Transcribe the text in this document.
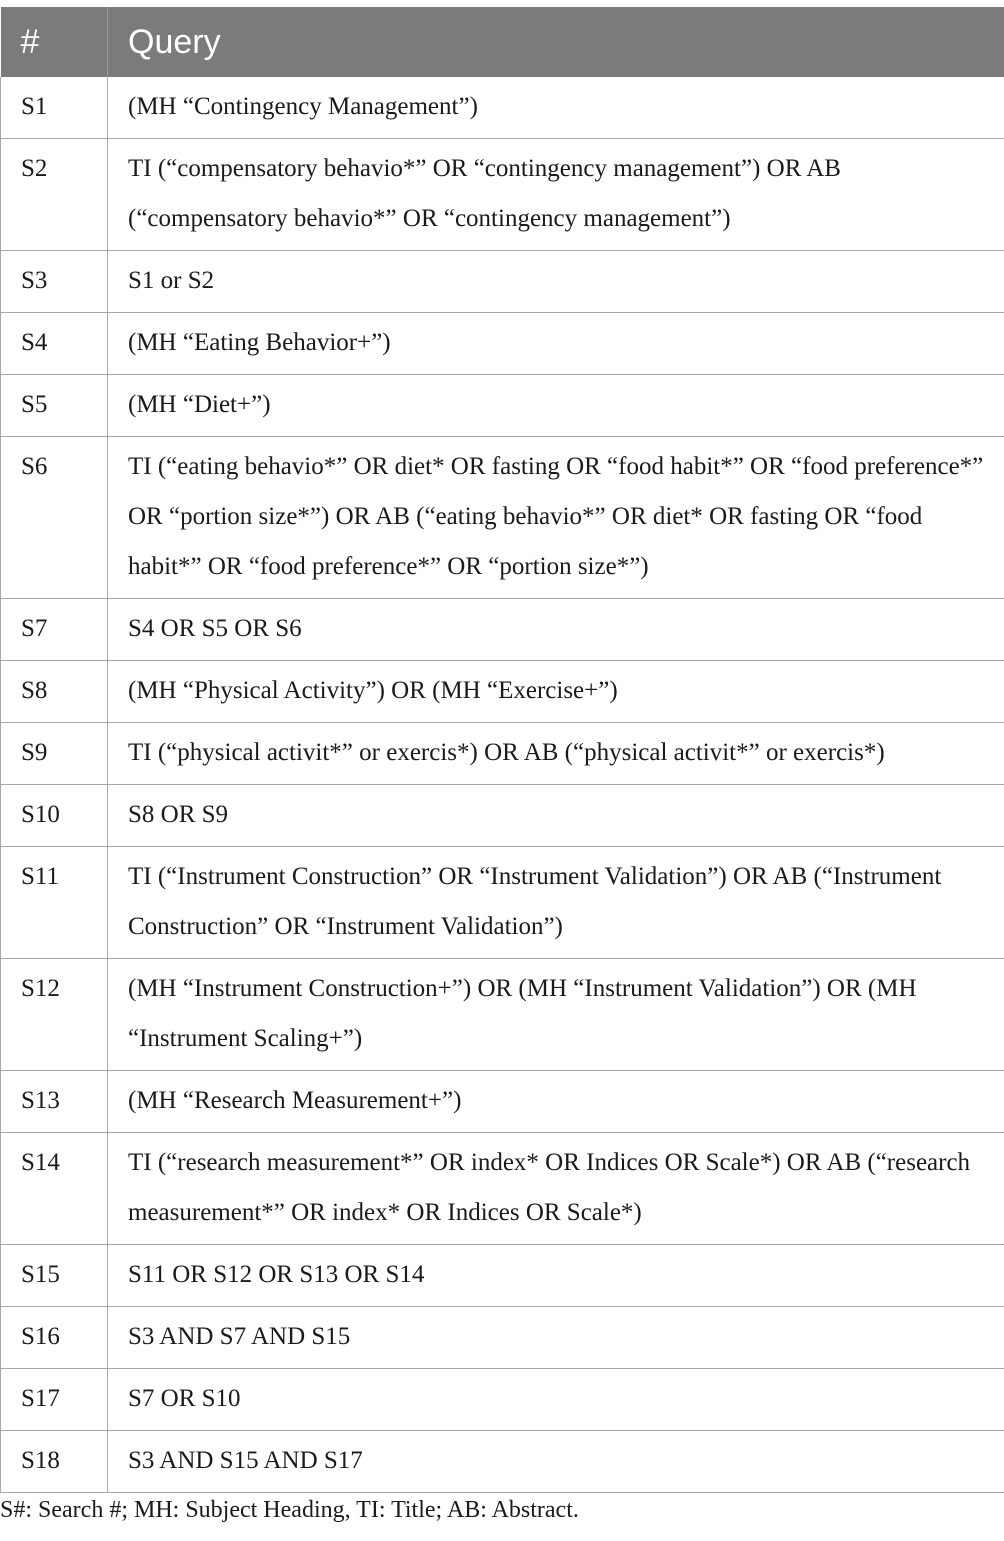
#	Query
S1	(MH “Contingency Management”)
S2	TI (“compensatory behavio*” OR “contingency management”) OR AB (“compensatory behavio*” OR “contingency management”)
S3	S1 or S2
S4	(MH “Eating Behavior+”)
S5	(MH “Diet+”)
S6	TI (“eating behavio*” OR diet* OR fasting OR “food habit*” OR “food preference*” OR “portion size*”) OR AB (“eating behavio*” OR diet* OR fasting OR “food habit*” OR “food preference*” OR “portion size*”)
S7	S4 OR S5 OR S6
S8	(MH “Physical Activity”) OR (MH “Exercise+”)
S9	TI (“physical activit*” or exercis*) OR AB (“physical activit*” or exercis*)
S10	S8 OR S9
S11	TI (“Instrument Construction” OR “Instrument Validation”) OR AB (“Instrument Construction” OR “Instrument Validation”)
S12	(MH “Instrument Construction+”) OR (MH “Instrument Validation”) OR (MH “Instrument Scaling+”)
S13	(MH “Research Measurement+”)
S14	TI (“research measurement*” OR index* OR Indices OR Scale*) OR AB (“research measurement*” OR index* OR Indices OR Scale*)
S15	S11 OR S12 OR S13 OR S14
S16	S3 AND S7 AND S15
S17	S7 OR S10
S18	S3 AND S15 AND S17
S#: Search #; MH: Subject Heading, TI: Title; AB: Abstract.
